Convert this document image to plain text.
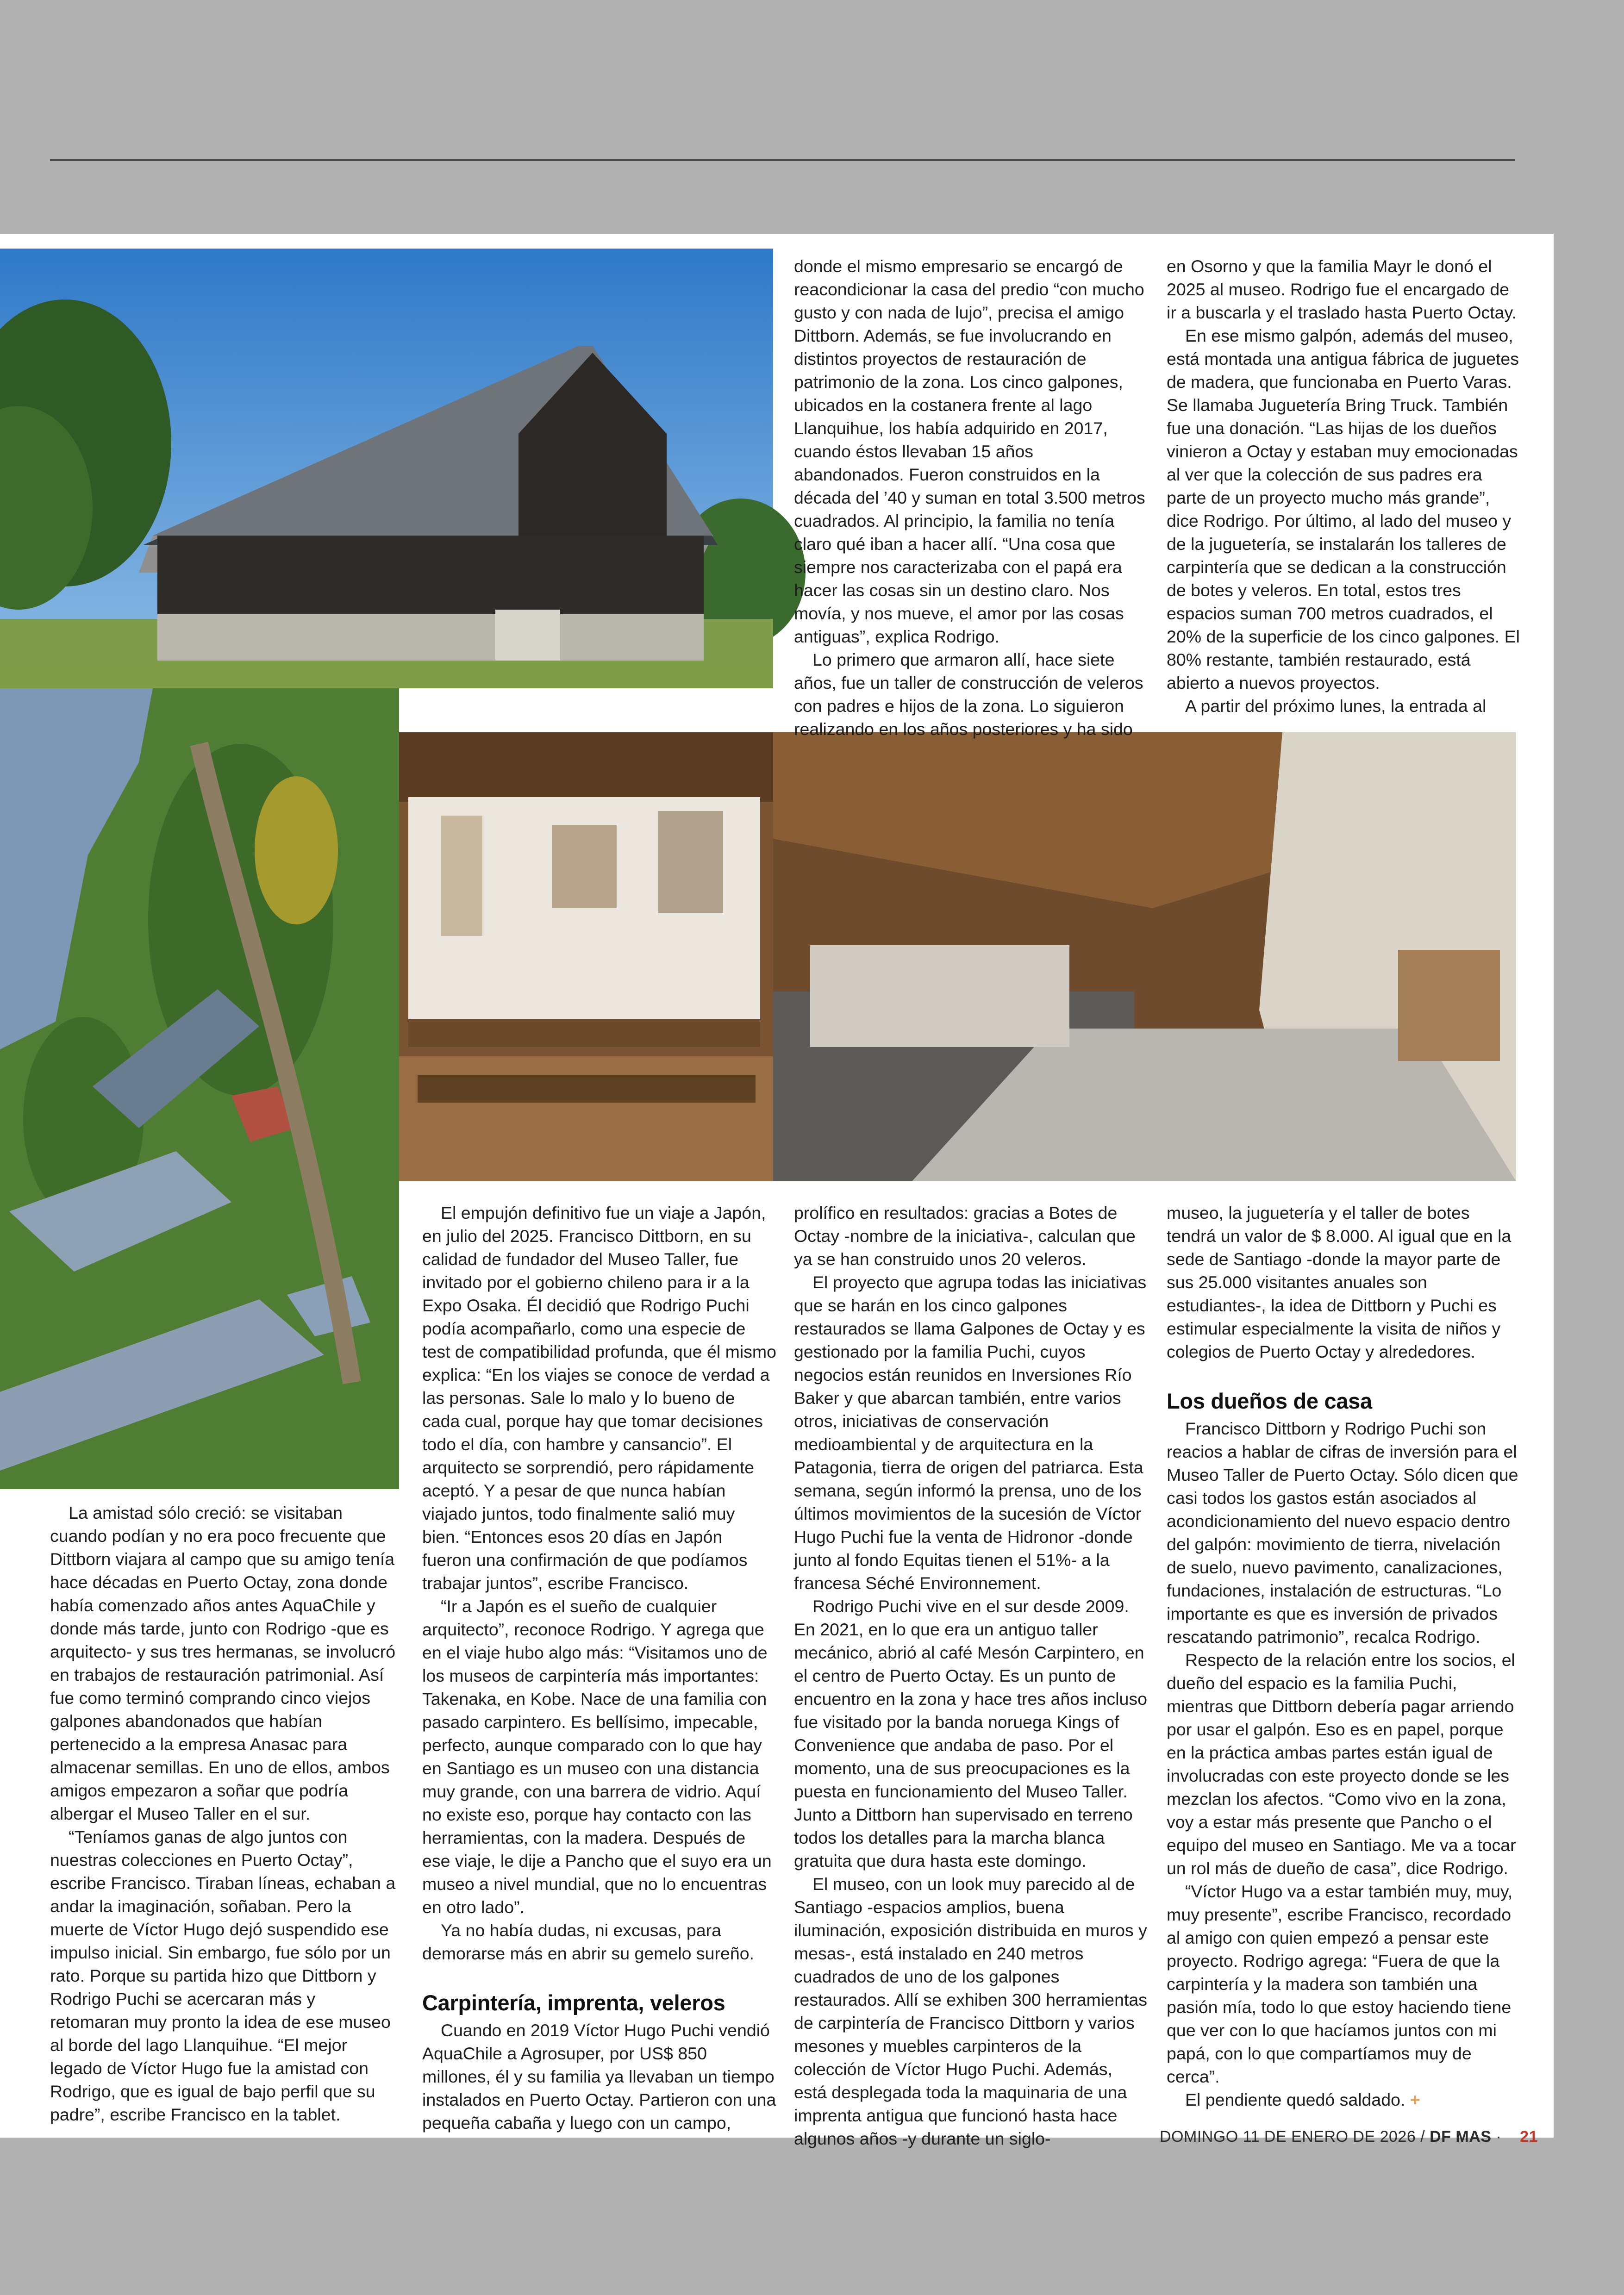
donde el mismo empresario se encargó de reacondicionar la casa del predio “con mucho gusto y con nada de lujo”, precisa el amigo Dittborn. Además, se fue involucrando en distintos proyectos de restauración de patrimonio de la zona. Los cinco galpones, ubicados en la costanera frente al lago Llanquihue, los había adquirido en 2017, cuando éstos llevaban 15 años abandonados. Fueron construidos en la década del ’40 y suman en total 3.500 metros cuadrados. Al principio, la familia no tenía claro qué iban a hacer allí. “Una cosa que siempre nos caracterizaba con el papá era hacer las cosas sin un destino claro. Nos movía, y nos mueve, el amor por las cosas antiguas”, explica Rodrigo.

Lo primero que armaron allí, hace siete años, fue un taller de construcción de veleros con padres e hijos de la zona. Lo siguieron realizando en los años posteriores y ha sido

en Osorno y que la familia Mayr le donó el 2025 al museo. Rodrigo fue el encargado de ir a buscarla y el traslado hasta Puerto Octay.

En ese mismo galpón, además del museo, está montada una antigua fábrica de juguetes de madera, que funcionaba en Puerto Varas. Se llamaba Juguetería Bring Truck. También fue una donación. “Las hijas de los dueños vinieron a Octay y estaban muy emocionadas al ver que la colección de sus padres era parte de un proyecto mucho más grande”, dice Rodrigo. Por último, al lado del museo y de la juguetería, se instalarán los talleres de carpintería que se dedican a la construcción de botes y veleros. En total, estos tres espacios suman 700 metros cuadrados, el 20% de la superficie de los cinco galpones. El 80% restante, también restaurado, está abierto a nuevos proyectos.

A partir del próximo lunes, la entrada al

La amistad sólo creció: se visitaban cuando podían y no era poco frecuente que Dittborn viajara al campo que su amigo tenía hace décadas en Puerto Octay, zona donde había comenzado años antes AquaChile y donde más tarde, junto con Rodrigo -que es arquitecto- y sus tres hermanas, se involucró en trabajos de restauración patrimonial. Así fue como terminó comprando cinco viejos galpones abandonados que habían pertenecido a la empresa Anasac para almacenar semillas. En uno de ellos, ambos amigos empezaron a soñar que podría albergar el Museo Taller en el sur.

“Teníamos ganas de algo juntos con nuestras colecciones en Puerto Octay”, escribe Francisco. Tiraban líneas, echaban a andar la imaginación, soñaban. Pero la muerte de Víctor Hugo dejó suspendido ese impulso inicial. Sin embargo, fue sólo por un rato. Porque su partida hizo que Dittborn y Rodrigo Puchi se acercaran más y retomaran muy pronto la idea de ese museo al borde del lago Llanquihue. “El mejor legado de Víctor Hugo fue la amistad con Rodrigo, que es igual de bajo perfil que su padre”, escribe Francisco en la tablet.

El empujón definitivo fue un viaje a Japón, en julio del 2025. Francisco Dittborn, en su calidad de fundador del Museo Taller, fue invitado por el gobierno chileno para ir a la Expo Osaka. Él decidió que Rodrigo Puchi podía acompañarlo, como una especie de test de compatibilidad profunda, que él mismo explica: “En los viajes se conoce de verdad a las personas. Sale lo malo y lo bueno de cada cual, porque hay que tomar decisiones todo el día, con hambre y cansancio”. El arquitecto se sorprendió, pero rápidamente aceptó. Y a pesar de que nunca habían viajado juntos, todo finalmente salió muy bien. “Entonces esos 20 días en Japón fueron una confirmación de que podíamos trabajar juntos”, escribe Francisco.

“Ir a Japón es el sueño de cualquier arquitecto”, reconoce Rodrigo. Y agrega que en el viaje hubo algo más: “Visitamos uno de los museos de carpintería más importantes: Takenaka, en Kobe. Nace de una familia con pasado carpintero. Es bellísimo, impecable, perfecto, aunque comparado con lo que hay en Santiago es un museo con una distancia muy grande, con una barrera de vidrio. Aquí no existe eso, porque hay contacto con las herramientas, con la madera. Después de ese viaje, le dije a Pancho que el suyo era un museo a nivel mundial, que no lo encuentras en otro lado”.

Ya no había dudas, ni excusas, para demorarse más en abrir su gemelo sureño.

Carpintería, imprenta, veleros

Cuando en 2019 Víctor Hugo Puchi vendió AquaChile a Agrosuper, por US$ 850 millones, él y su familia ya llevaban un tiempo instalados en Puerto Octay. Partieron con una pequeña cabaña y luego con un campo,

prolífico en resultados: gracias a Botes de Octay -nombre de la iniciativa-, calculan que ya se han construido unos 20 veleros.

El proyecto que agrupa todas las iniciativas que se harán en los cinco galpones restaurados se llama Galpones de Octay y es gestionado por la familia Puchi, cuyos negocios están reunidos en Inversiones Río Baker y que abarcan también, entre varios otros, iniciativas de conservación medioambiental y de arquitectura en la Patagonia, tierra de origen del patriarca. Esta semana, según informó la prensa, uno de los últimos movimientos de la sucesión de Víctor Hugo Puchi fue la venta de Hidronor -donde junto al fondo Equitas tienen el 51%- a la francesa Séché Environnement.

Rodrigo Puchi vive en el sur desde 2009. En 2021, en lo que era un antiguo taller mecánico, abrió al café Mesón Carpintero, en el centro de Puerto Octay. Es un punto de encuentro en la zona y hace tres años incluso fue visitado por la banda noruega Kings of Convenience que andaba de paso. Por el momento, una de sus preocupaciones es la puesta en funcionamiento del Museo Taller. Junto a Dittborn han supervisado en terreno todos los detalles para la marcha blanca gratuita que dura hasta este domingo.

El museo, con un look muy parecido al de Santiago -espacios amplios, buena iluminación, exposición distribuida en muros y mesas-, está instalado en 240 metros cuadrados de uno de los galpones restaurados. Allí se exhiben 300 herramientas de carpintería de Francisco Dittborn y varios mesones y muebles carpinteros de la colección de Víctor Hugo Puchi. Además, está desplegada toda la maquinaria de una imprenta antigua que funcionó hasta hace algunos años -y durante un siglo-

museo, la juguetería y el taller de botes tendrá un valor de $ 8.000. Al igual que en la sede de Santiago -donde la mayor parte de sus 25.000 visitantes anuales son estudiantes-, la idea de Dittborn y Puchi es estimular especialmente la visita de niños y colegios de Puerto Octay y alrededores.

Los dueños de casa

Francisco Dittborn y Rodrigo Puchi son reacios a hablar de cifras de inversión para el Museo Taller de Puerto Octay. Sólo dicen que casi todos los gastos están asociados al acondicionamiento del nuevo espacio dentro del galpón: movimiento de tierra, nivelación de suelo, nuevo pavimento, canalizaciones, fundaciones, instalación de estructuras. “Lo importante es que es inversión de privados rescatando patrimonio”, recalca Rodrigo.

Respecto de la relación entre los socios, el dueño del espacio es la familia Puchi, mientras que Dittborn debería pagar arriendo por usar el galpón. Eso es en papel, porque en la práctica ambas partes están igual de involucradas con este proyecto donde se les mezclan los afectos. “Como vivo en la zona, voy a estar más presente que Pancho o el equipo del museo en Santiago. Me va a tocar un rol más de dueño de casa”, dice Rodrigo.

“Víctor Hugo va a estar también muy, muy, muy presente”, escribe Francisco, recordado al amigo con quien empezó a pensar este proyecto. Rodrigo agrega: “Fuera de que la carpintería y la madera son también una pasión mía, todo lo que estoy haciendo tiene que ver con lo que hacíamos juntos con mi papá, con lo que compartíamos muy de cerca”.

El pendiente quedó saldado. +

DOMINGO 11 DE ENERO DE 2026 / DF MAS · 21
